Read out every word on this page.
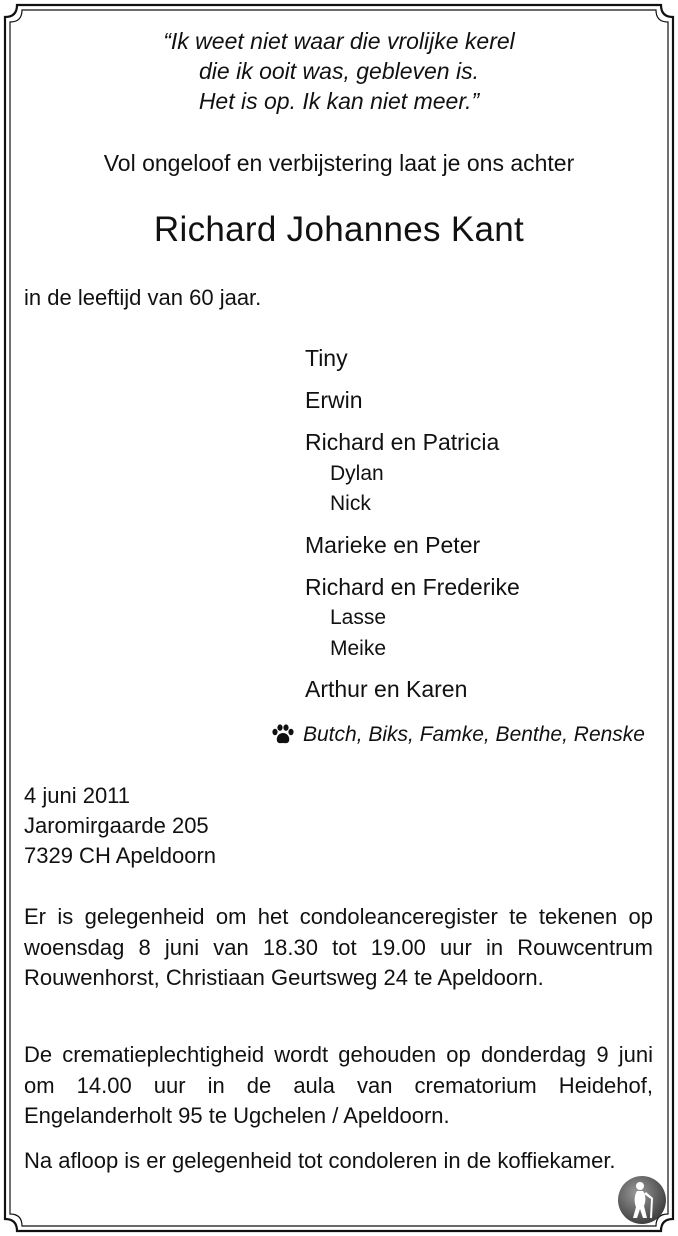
“Ik weet niet waar die vrolijke kerel
die ik ooit was, gebleven is.
Het is op. Ik kan niet meer.”
Vol ongeloof en verbijstering laat je ons achter
Richard Johannes Kant
in de leeftijd van 60 jaar.
Tiny
Erwin
Richard en Patricia
Dylan
Nick
Marieke en Peter
Richard en Frederike
Lasse
Meike
Arthur en Karen
Butch, Biks, Famke, Benthe, Renske
4 juni 2011
Jaromirgaarde 205
7329 CH Apeldoorn
Er is gelegenheid om het condoleanceregister te tekenen op woensdag 8 juni van 18.30 tot 19.00 uur in Rouwcentrum Rouwenhorst, Christiaan Geurtsweg 24 te Apeldoorn.
De crematieplechtigheid wordt gehouden op donderdag 9 juni om 14.00 uur in de aula van crematorium Heidehof, Engelanderholt 95 te Ugchelen / Apeldoorn.
Na afloop is er gelegenheid tot condoleren in de koffiekamer.
